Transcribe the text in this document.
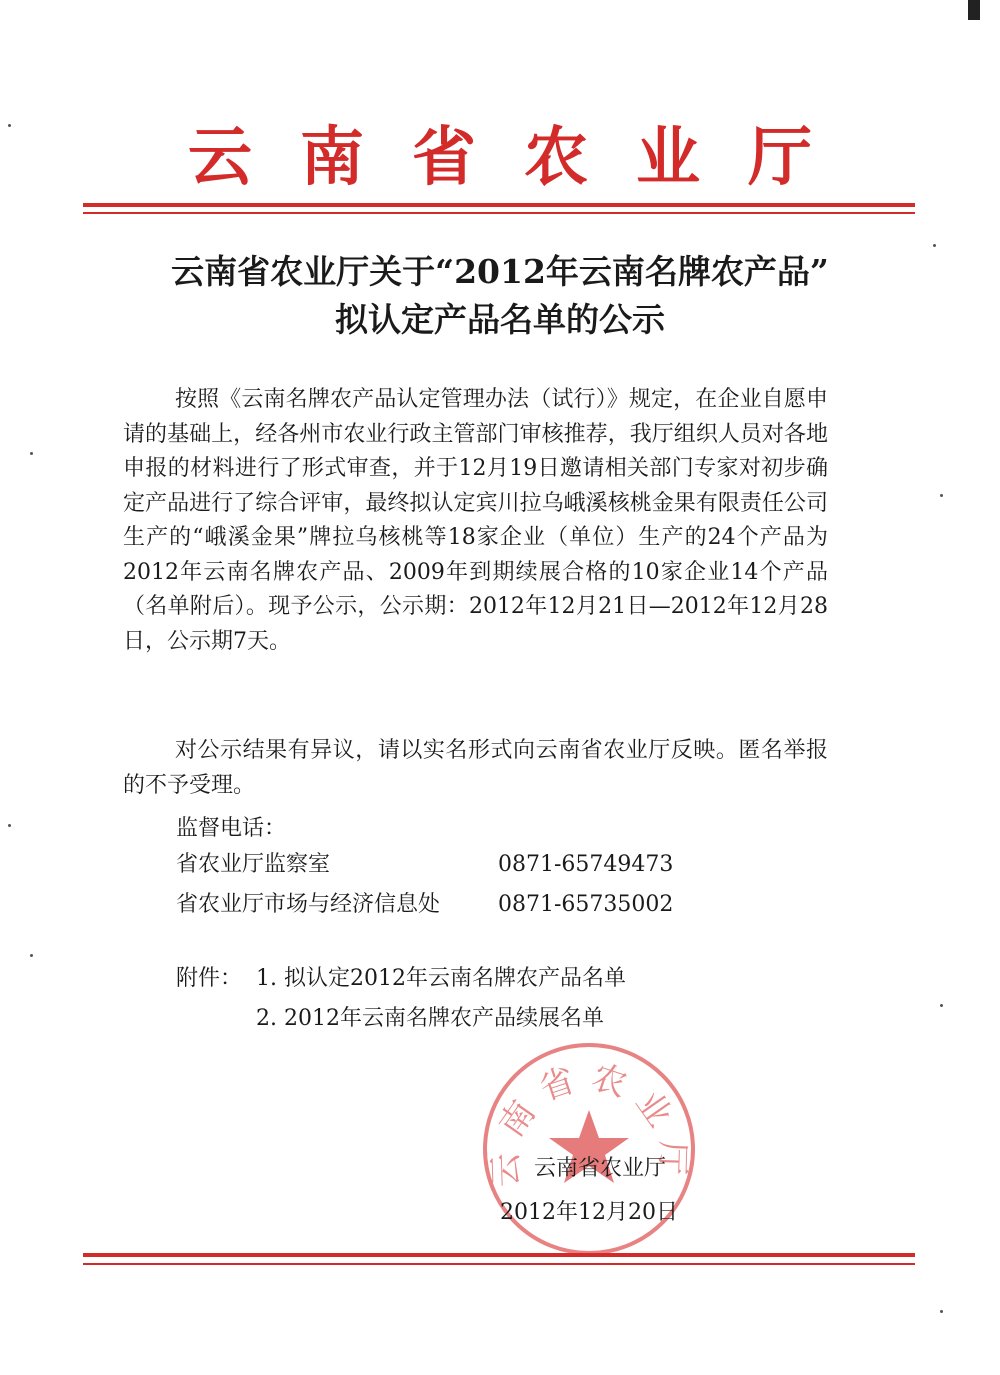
云南省农业厅
云南省农业厅关于“2012年云南名牌农产品”
拟认定产品名单的公示
按照《云南名牌农产品认定管理办法（试行）》规定，在企业自愿申请的基础上，经各州市农业行政主管部门审核推荐，我厅组织人员对各地申报的材料进行了形式审查，并于12月19日邀请相关部门专家对初步确定产品进行了综合评审，最终拟认定宾川拉乌峨溪核桃金果有限责任公司生产的“峨溪金果”牌拉乌核桃等18家企业（单位）生产的24个产品为2012年云南名牌农产品、2009年到期续展合格的10家企业14个产品（名单附后）。现予公示，公示期：2012年12月21日—2012年12月28日，公示期7天。
对公示结果有异议，请以实名形式向云南省农业厅反映。匿名举报的不予受理。
监督电话：
省农业厅监察室	0871-65749473
省农业厅市场与经济信息处	0871-65735002
附件： 1. 拟认定2012年云南名牌农产品名单
2. 2012年云南名牌农产品续展名单
云南省农业厅
云南省农业厅
2012年12月20日
